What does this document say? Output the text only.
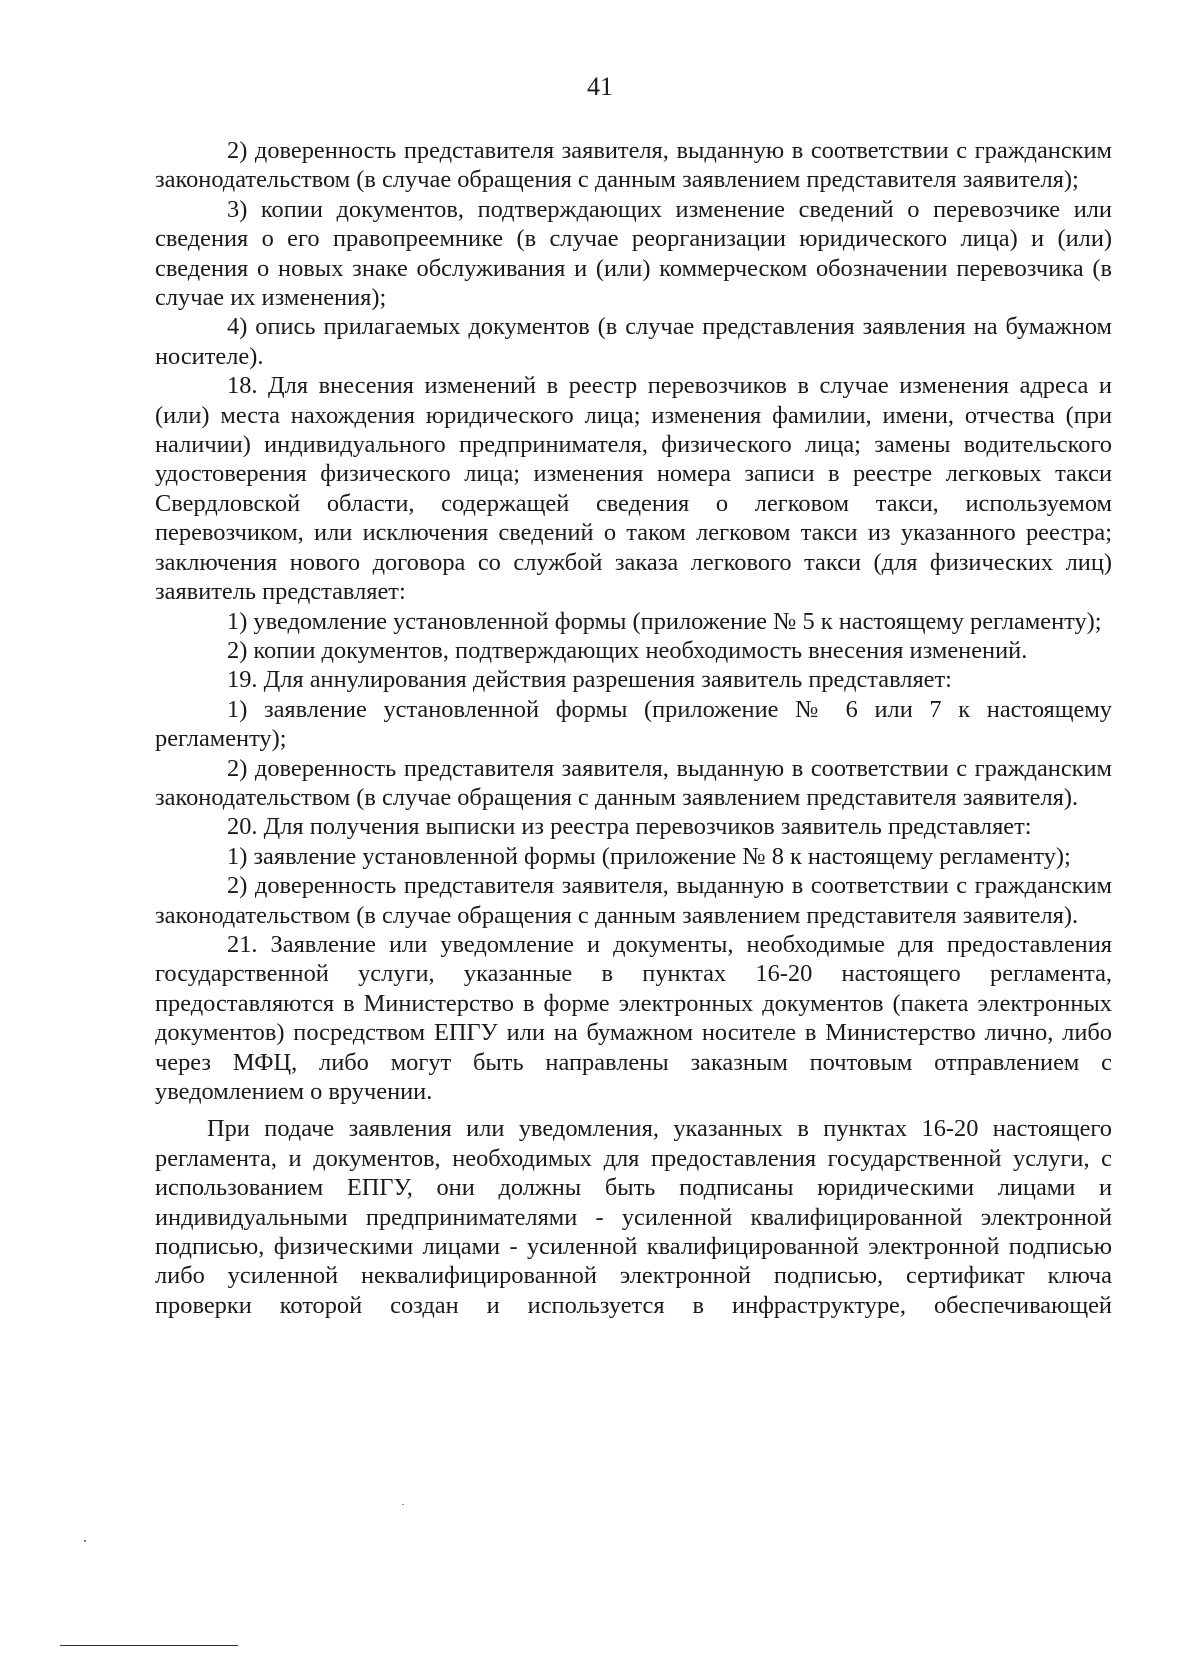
41

2) доверенность представителя заявителя, выданную в соответствии с гражданским законодательством (в случае обращения с данным заявлением представителя заявителя);

3) копии документов, подтверждающих изменение сведений о перевозчике или сведения о его правопреемнике (в случае реорганизации юридического лица) и (или) сведения о новых знаке обслуживания и (или) коммерческом обозначении перевозчика (в случае их изменения);

4) опись прилагаемых документов (в случае представления заявления на бумажном носителе).

18. Для внесения изменений в реестр перевозчиков в случае изменения адреса и (или) места нахождения юридического лица; изменения фамилии, имени, отчества (при наличии) индивидуального предпринимателя, физического лица; замены водительского удостоверения физического лица; изменения номера записи в реестре легковых такси Свердловской области, содержащей сведения о легковом такси, используемом перевозчиком, или исключения сведений о таком легковом такси из указанного реестра; заключения нового договора со службой заказа легкового такси (для физических лиц) заявитель представляет:

1) уведомление установленной формы (приложение № 5 к настоящему регламенту);

2) копии документов, подтверждающих необходимость внесения изменений.

19. Для аннулирования действия разрешения заявитель представляет:

1) заявление установленной формы (приложение № 6 или 7 к настоящему регламенту);

2) доверенность представителя заявителя, выданную в соответствии с гражданским законодательством (в случае обращения с данным заявлением представителя заявителя).

20. Для получения выписки из реестра перевозчиков заявитель представляет:

1) заявление установленной формы (приложение № 8 к настоящему регламенту);

2) доверенность представителя заявителя, выданную в соответствии с гражданским законодательством (в случае обращения с данным заявлением представителя заявителя).

21. Заявление или уведомление и документы, необходимые для предоставления государственной услуги, указанные в пунктах 16-20 настоящего регламента, предоставляются в Министерство в форме электронных документов (пакета электронных документов) посредством ЕПГУ или на бумажном носителе в Министерство лично, либо через МФЦ, либо могут быть направлены заказным почтовым отправлением с уведомлением о вручении.

При подаче заявления или уведомления, указанных в пунктах 16-20 настоящего регламента, и документов, необходимых для предоставления государственной услуги, с использованием ЕПГУ, они должны быть подписаны юридическими лицами и индивидуальными предпринимателями - усиленной квалифицированной электронной подписью, физическими лицами - усиленной квалифицированной электронной подписью либо усиленной неквалифицированной электронной подписью, сертификат ключа проверки которой создан и используется в инфраструктуре, обеспечивающей
